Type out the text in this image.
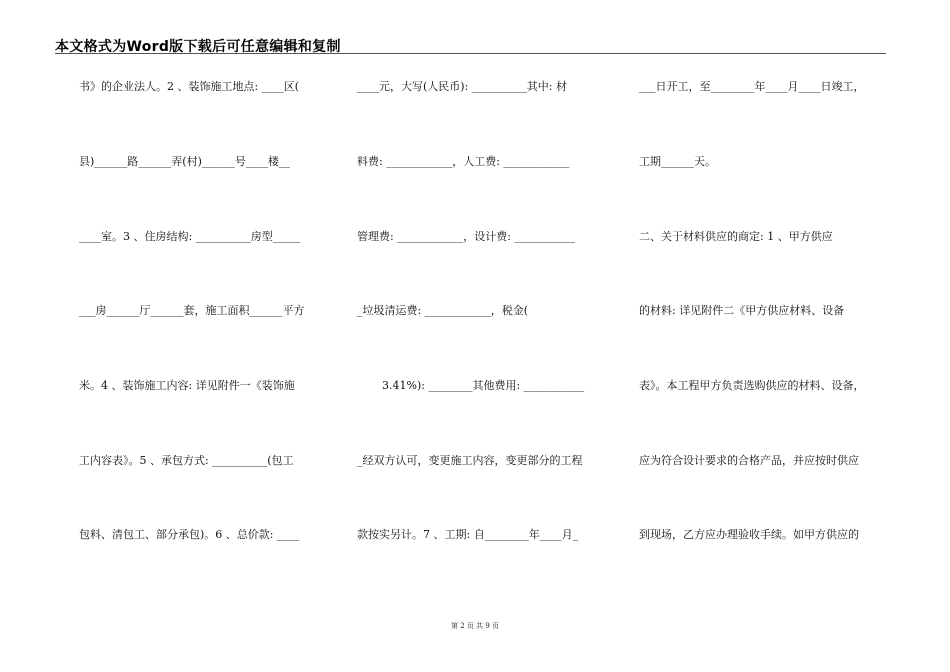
本文格式为Word版下载后可任意编辑和复制
书》的企业法人。2 、装饰施工地点: ____区(
县)______路______弄(村)______号____楼__
____室。3 、住房结构: __________房型_____
___房______厅______套，施工面积______平方
米。4 、装饰施工内容: 详见附件一《装饰施
工内容表》。5 、承包方式: __________(包工
包料、清包工、部分承包)。6 、总价款: ____
____元，大写(人民币): __________其中: 材
料费: ____________，人工费: ____________
管理费: ____________，设计费: ___________
_垃圾清运费: ____________，税金(
3.41%): ________其他费用: ___________
_经双方认可，变更施工内容，变更部分的工程
款按实另计。7 、工期: 自________年____月_
___日开工，至________年____月____日竣工，
工期______天。
二、关于材料供应的商定: 1 、甲方供应
的材料: 详见附件二《甲方供应材料、设备
表》。本工程甲方负责选购供应的材料、设备，
应为符合设计要求的合格产品，并应按时供应
到现场，乙方应办理验收手续。如甲方供应的
第 2 页 共 9 页
